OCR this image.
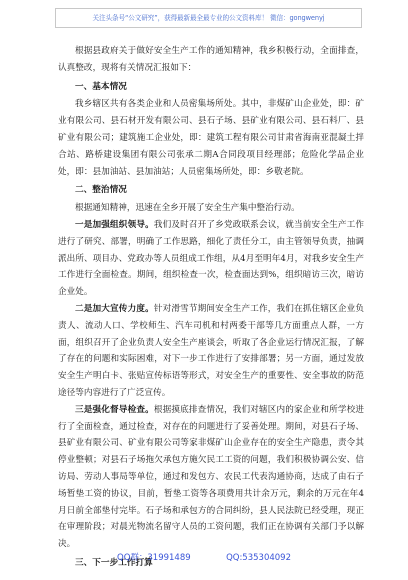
关注头条号“公文研究”，获得最新最全最专业的公文资料库！ 微信：gongwenyj

根据县政府关于做好安全生产工作的通知精神，我乡积极行动，全面排查，认真整改，现将有关情况汇报如下：

一、基本情况

我乡辖区共有各类企业和人员密集场所处。其中，非煤矿山企业处，即：矿业有限公司、县石材开发有限公司、县石子场、县矿业有限公司、县石料厂、县矿业有限公司；建筑施工企业处，即：建筑工程有限公司甘肃省海南亚混凝土拌合站、路桥建设集团有限公司张承二期A合同段项目经理部；危险化学品企业处，即：县加油站、县加油站；人员密集场所处，即：乡敬老院。

二、整治情况

根据通知精神，迅速在全乡开展了安全生产集中整治行动。

一是加强组织领导。我们及时召开了乡党政联系会议，就当前安全生产工作进行了研究、部署，明确了工作思路，细化了责任分工，由主管领导负责，抽调派出所、项目办、党政办等人员组成工作组，从4月至明年4月，对我乡安全生产工作进行全面检查。期间，组织检查一次，检查面达到%，组织暗访三次，暗访企业处。

二是加大宣传力度。针对滑雪节期间安全生产工作，我们在抓住辖区企业负责人、流动人口、学校师生、汽车司机和村两委干部等几方面重点人群，一方面，组织召开了企业负责人安全生产座谈会，听取了各企业运行情况汇报，了解了存在的问题和实际困难，对下一步工作进行了安排部署；另一方面，通过发放安全生产明白卡、张贴宣传标语等形式，对安全生产的重要性、安全事故的防范途径等内容进行了广泛宣传。

三是强化督导检查。根据摸底排查情况，我们对辖区内的家企业和所学校进行了全面检查，通过检查，对存在的问题进行了妥善处理。期间，对县石子场、县矿业有限公司、矿业有限公司等家非煤矿山企业存在的安全生产隐患，责令其停业整顿；对县石子场拖欠承包方施欠民工工资的问题，我们积极协调公安、信访局、劳动人事局等单位，通过和发包方、农民工代表沟通协商，达成了由石子场暂垫工资的协议，目前，暂垫工资等各项费用共计余万元，剩余的万元在年4月日前全部垫付完毕。石子场和承包方的合同纠纷，县人民法院已经受理，现正在审理阶段；对晨光物流名留守人员的工资问题，我们正在协调有关部门予以解决。

三、下一步工作打算

QQ群：31991489	QQ:535304092
